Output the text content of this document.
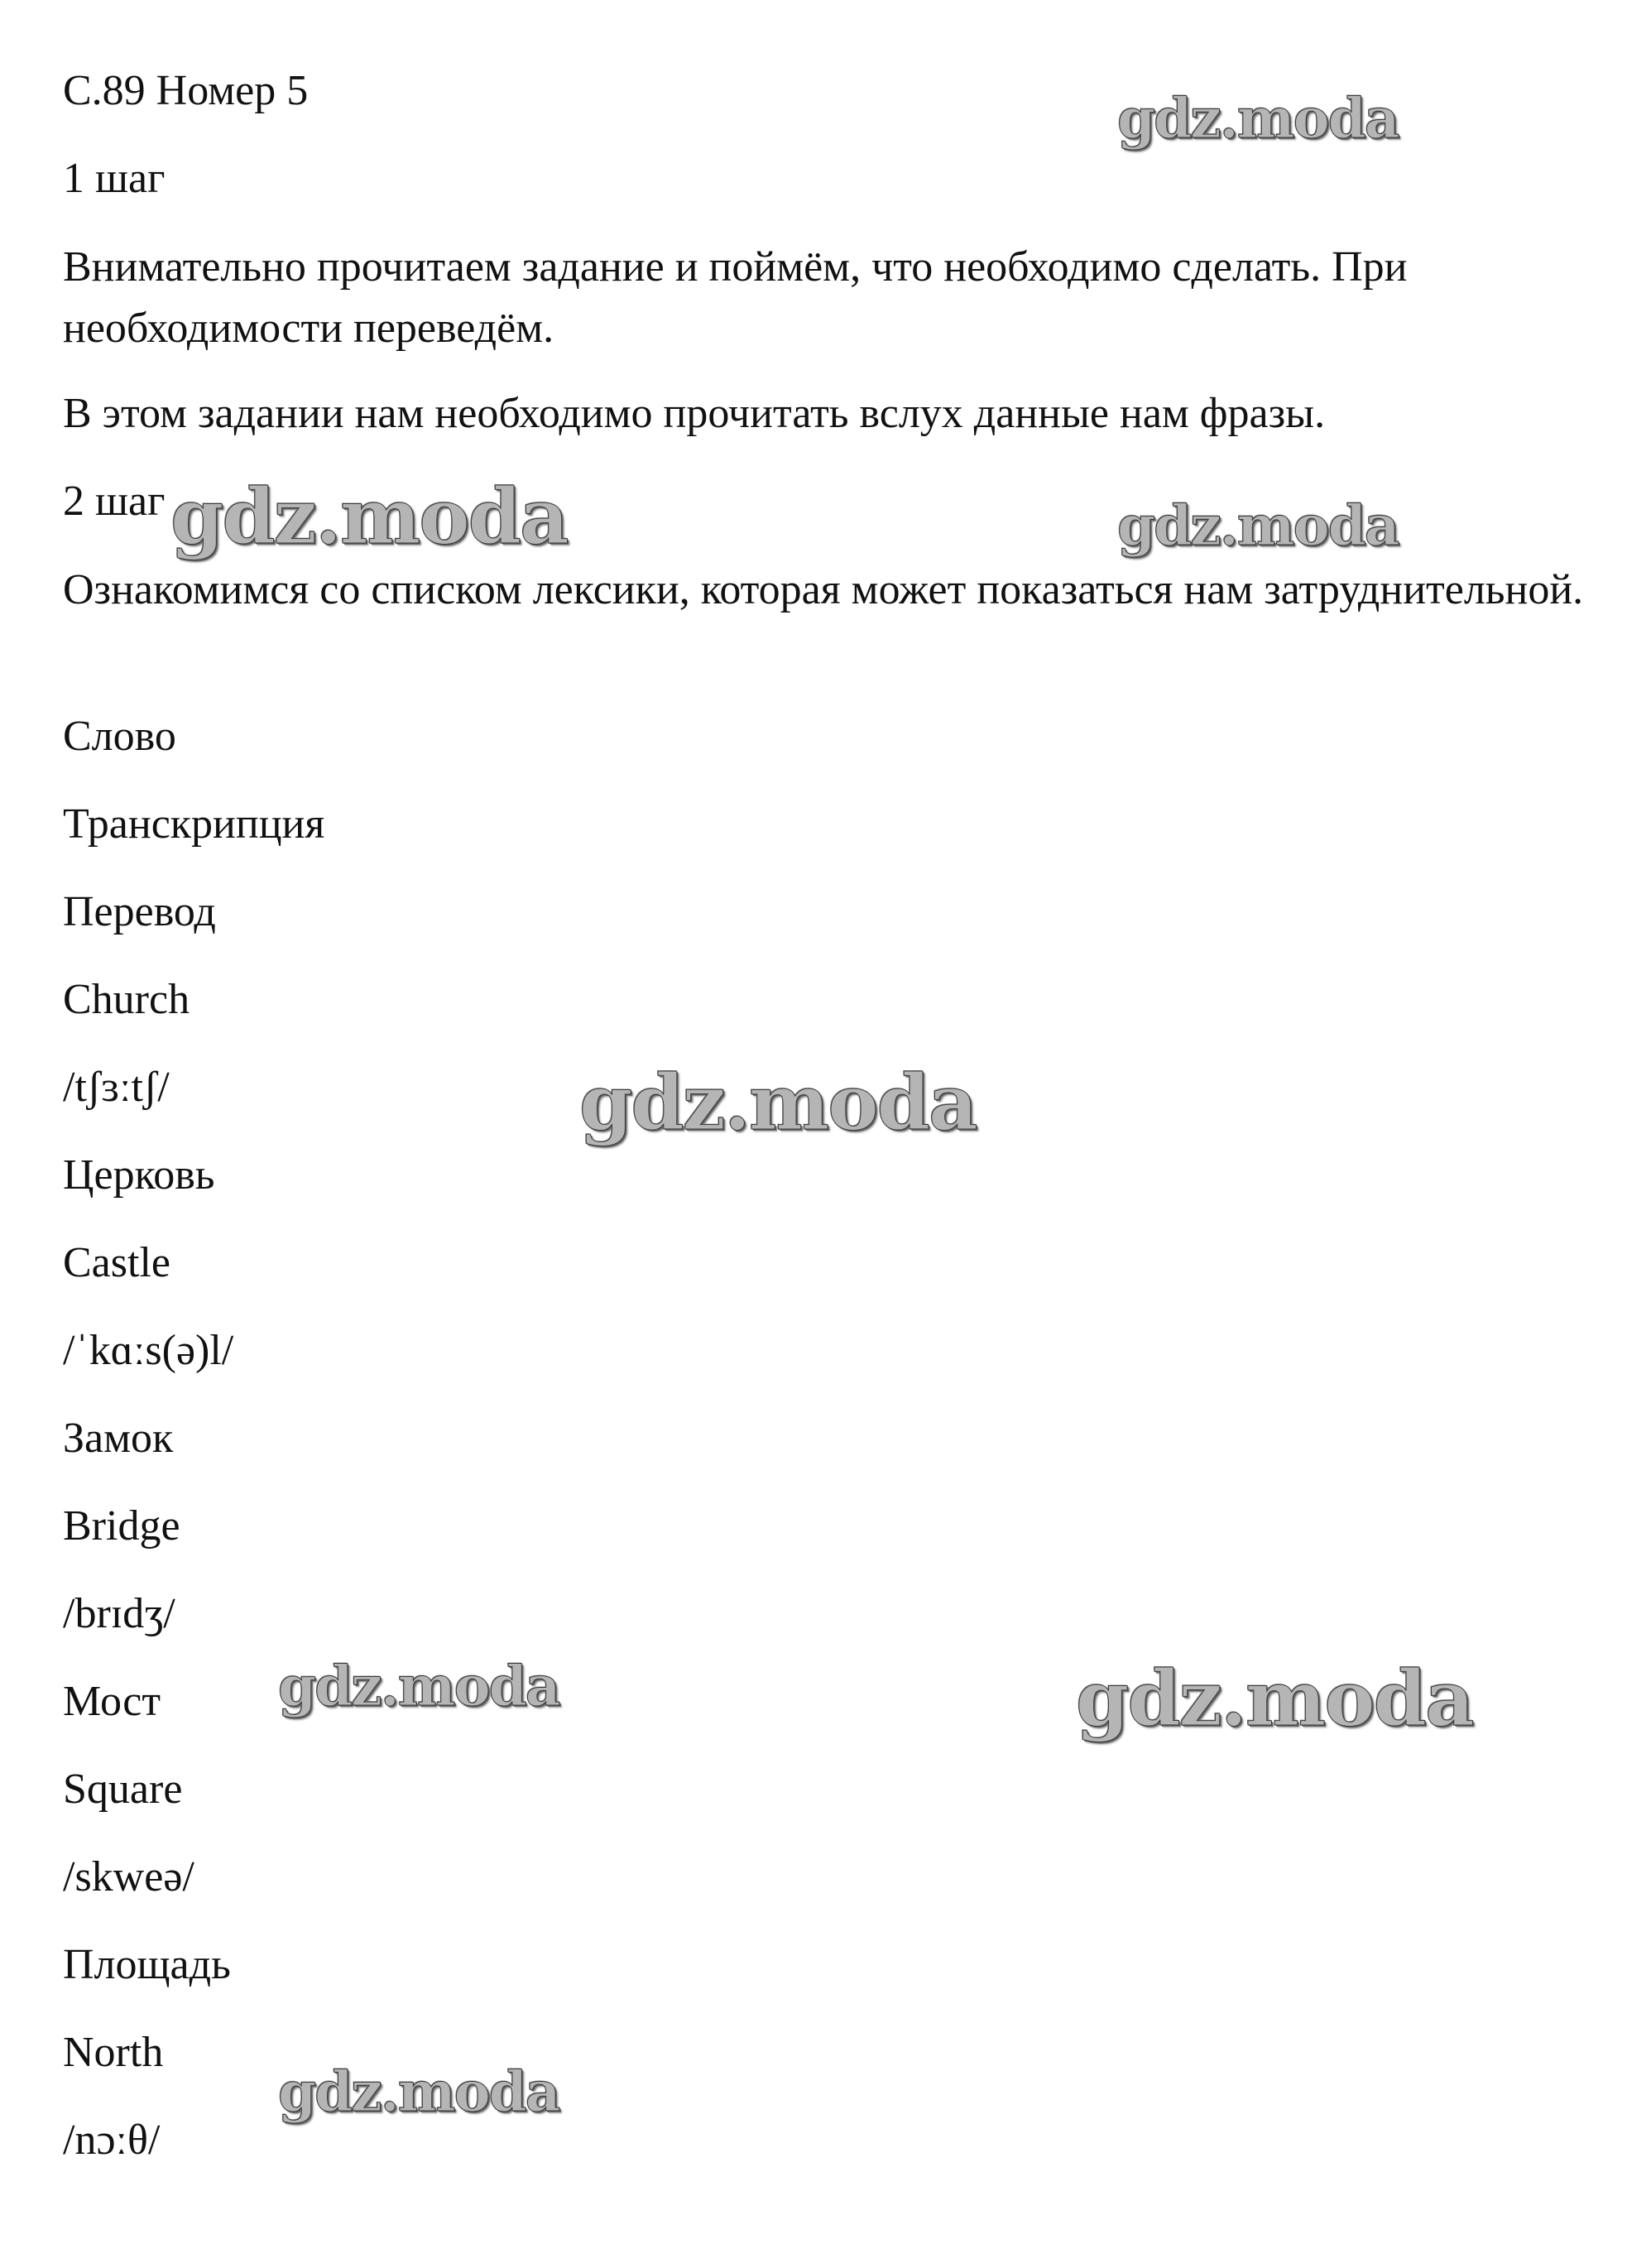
С.89 Номер 5

1 шаг

Внимательно прочитаем задание и поймём, что необходимо сделать. При необходимости переведём.

В этом задании нам необходимо прочитать вслух данные нам фразы.

2 шаг

Ознакомимся со списком лексики, которая может показаться нам затруднительной.

Слово

Транскрипция

Перевод

Church

/tʃɜːtʃ/

Церковь

Castle

/ˈkɑːs(ə)l/

Замок

Bridge

/brɪdʒ/

Мост

Square

/skweə/

Площадь

North

/nɔːθ/

gdz.moda
gdz.moda	gdz.moda
gdz.moda
gdz.moda	gdz.moda
gdz.moda
